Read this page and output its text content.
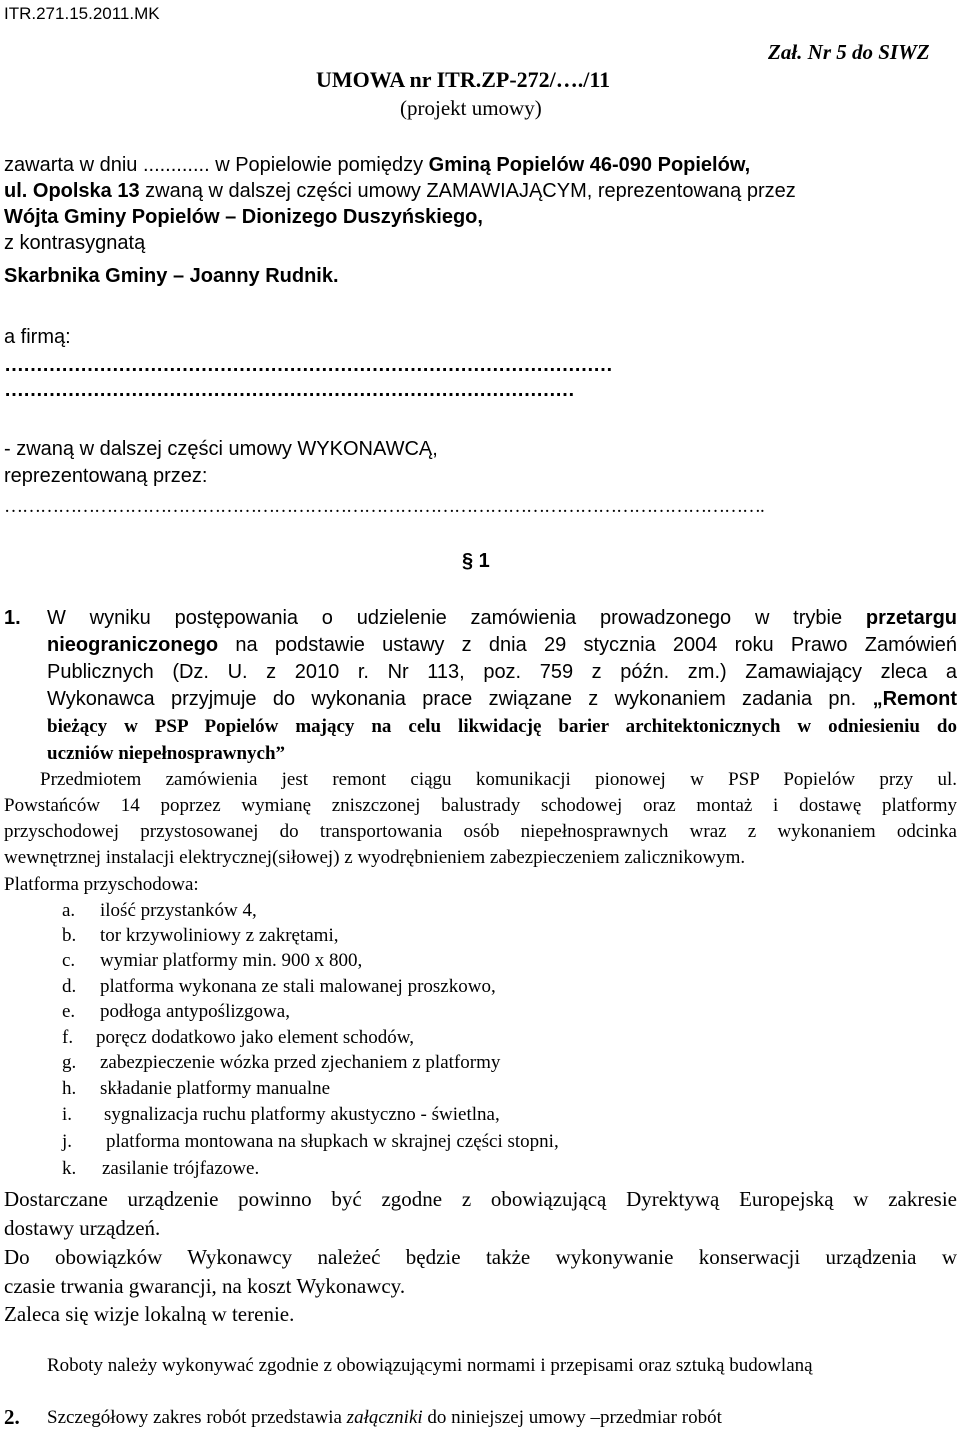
ITR.271.15.2011.MK
Zał. Nr 5 do SIWZ
UMOWA nr ITR.ZP-272/…./11
(projekt umowy)
zawarta w dniu ............ w Popielowie pomiędzy Gminą Popielów 46-090 Popielów,
ul. Opolska 13 zwaną w dalszej części umowy ZAMAWIAJĄCYM, reprezentowaną przez
Wójta Gminy Popielów – Dionizego Duszyńskiego,
z kontrasygnatą
Skarbnika Gminy – Joanny Rudnik.
a firmą:
……………………………………………………………………………………
………………………………………………………………………………
- zwaną w dalszej części umowy WYKONAWCĄ,
reprezentowaną przez:
……………………………………………………………………………………………………………….
§ 1
1. W wyniku postępowania o udzielenie zamówienia prowadzonego w trybie przetargu
nieograniczonego na podstawie ustawy z dnia 29 stycznia 2004 roku Prawo Zamówień
Publicznych (Dz. U. z 2010 r. Nr 113, poz. 759 z późn. zm.) Zamawiający zleca a
Wykonawca przyjmuje do wykonania prace związane z wykonaniem zadania pn. „Remont
bieżący w PSP Popielów mający na celu likwidację barier architektonicznych w odniesieniu do
uczniów niepełnosprawnych”
Przedmiotem zamówienia jest remont ciągu komunikacji pionowej w PSP Popielów przy ul.
Powstańców 14 poprzez wymianę zniszczonej balustrady schodowej oraz montaż i dostawę platformy
przyschodowej przystosowanej do transportowania osób niepełnosprawnych wraz z wykonaniem odcinka
wewnętrznej instalacji elektrycznej(siłowej) z wyodrębnieniem zabezpieczeniem zalicznikowym.
Platforma przyschodowa:
a. ilość przystanków 4,
b. tor krzywoliniowy z zakrętami,
c. wymiar platformy min. 900 x 800,
d. platforma wykonana ze stali malowanej proszkowo,
e. podłoga antypoślizgowa,
f. poręcz dodatkowo jako element schodów,
g. zabezpieczenie wózka przed zjechaniem z platformy
h. składanie platformy manualne
i. sygnalizacja ruchu platformy akustyczno - świetlna,
j. platforma montowana na słupkach w skrajnej części stopni,
k. zasilanie trójfazowe.
Dostarczane urządzenie powinno być zgodne z obowiązującą Dyrektywą Europejską w zakresie
dostawy urządzeń.
Do obowiązków Wykonawcy należeć będzie także wykonywanie konserwacji urządzenia w
czasie trwania gwarancji, na koszt Wykonawcy.
Zaleca się wizje lokalną w terenie.
Roboty należy wykonywać zgodnie z obowiązującymi normami i przepisami oraz sztuką budowlaną
2. Szczegółowy zakres robót przedstawia załączniki do niniejszej umowy –przedmiar robót
